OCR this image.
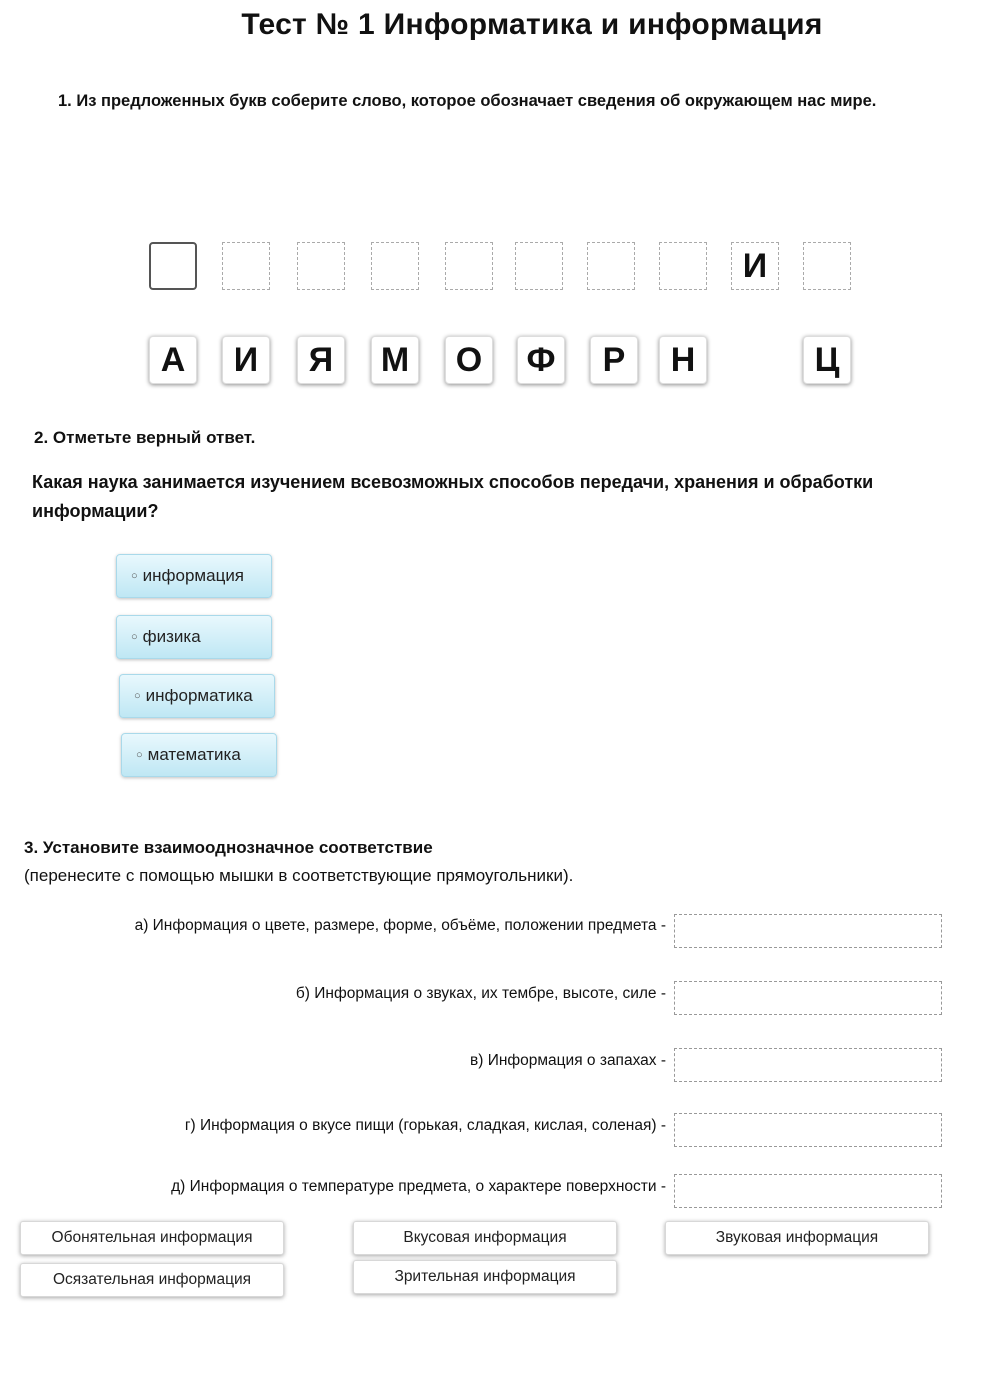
Тест № 1 Информатика и информация
1. Из предложенных букв соберите слово, которое обозначает сведения об окружающем нас мире.
И
А	И	Я	М	О	Ф	Р	Н	Ц
2. Отметьте верный ответ.
Какая наука занимается изучением всевозможных способов передачи, хранения и обработки
информации?
○ информация
○ физика
○ информатика
○ математика
3. Установите взаимооднозначное соответствие
(перенесите с помощью мышки в соответствующие прямоугольники).
а) Информация о цвете, размере, форме, объёме, положении предмета -
б) Информация о звуках, их тембре, высоте, силе -
в) Информация о запахах -
г) Информация о вкусе пищи (горькая, сладкая, кислая, соленая) -
д) Информация о температуре предмета, о характере поверхности -
Обонятельная информация	Вкусовая информация	Звуковая информация
Осязательная информация	Зрительная информация
